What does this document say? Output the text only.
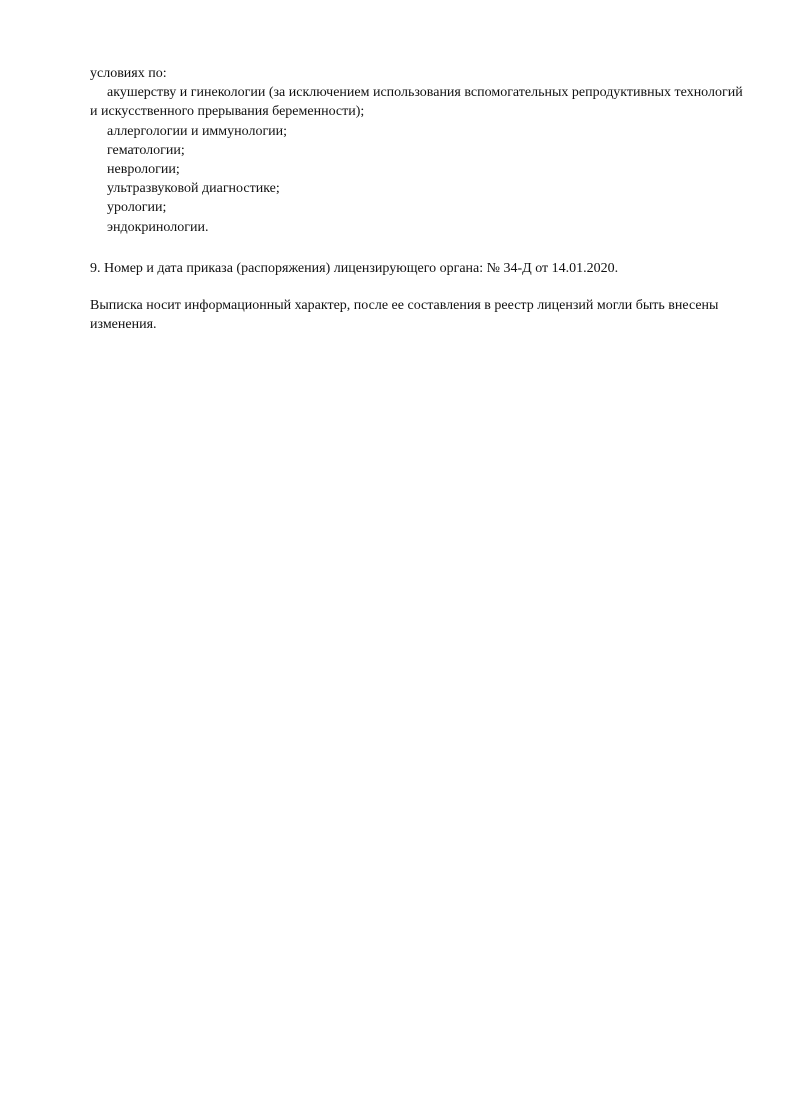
условиях по:
акушерству и гинекологии (за исключением использования вспомогательных репродуктивных технологий и искусственного прерывания беременности);
аллергологии и иммунологии;
гематологии;
неврологии;
ультразвуковой диагностике;
урологии;
эндокринологии.
9. Номер и дата приказа (распоряжения) лицензирующего органа: № 34-Д от 14.01.2020.
Выписка носит информационный характер, после ее составления в реестр лицензий могли быть внесены изменения.
